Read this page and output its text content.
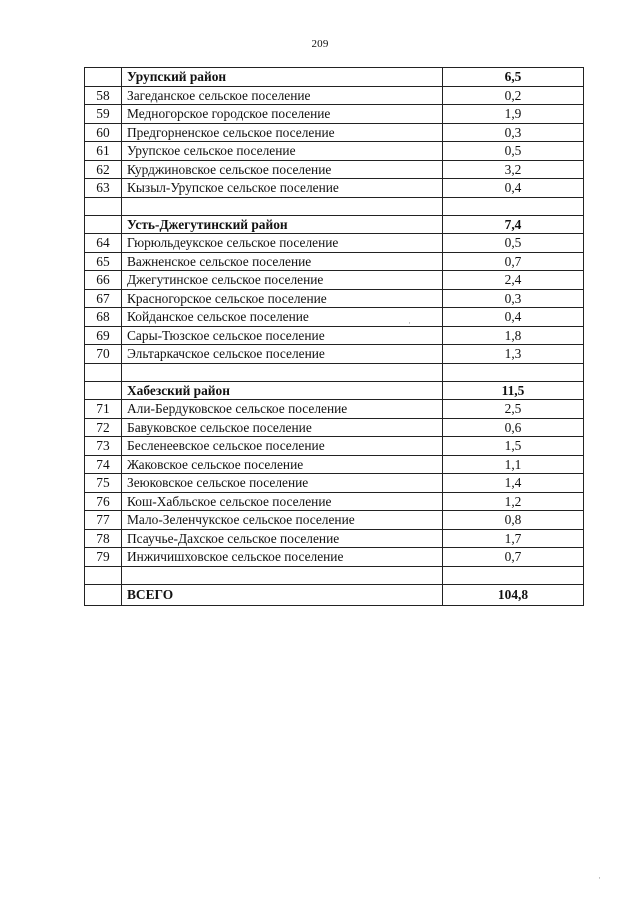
209
	Урупский район	6,5
58	Загеданское сельское поселение	0,2
59	Медногорское городское поселение	1,9
60	Предгорненское сельское поселение	0,3
61	Урупское сельское поселение	0,5
62	Курджиновское сельское поселение	3,2
63	Кызыл-Урупское сельское поселение	0,4

	Усть-Джегутинский район	7,4
64	Гюрюльдеукское сельское поселение	0,5
65	Важненское сельское поселение	0,7
66	Джегутинское сельское поселение	2,4
67	Красногорское сельское поселение	0,3
68	Койданское сельское поселение	0,4
69	Сары-Тюзское сельское поселение	1,8
70	Эльтаркачское сельское поселение	1,3

	Хабезский район	11,5
71	Али-Бердуковское сельское поселение	2,5
72	Бавуковское сельское поселение	0,6
73	Бесленеевское сельское поселение	1,5
74	Жаковское сельское поселение	1,1
75	Зеюковское сельское поселение	1,4
76	Кош-Хабльское сельское поселение	1,2
77	Мало-Зеленчукское сельское поселение	0,8
78	Псаучье-Дахское сельское поселение	1,7
79	Инжичишховское сельское поселение	0,7

	ВСЕГО	104,8
·
·
